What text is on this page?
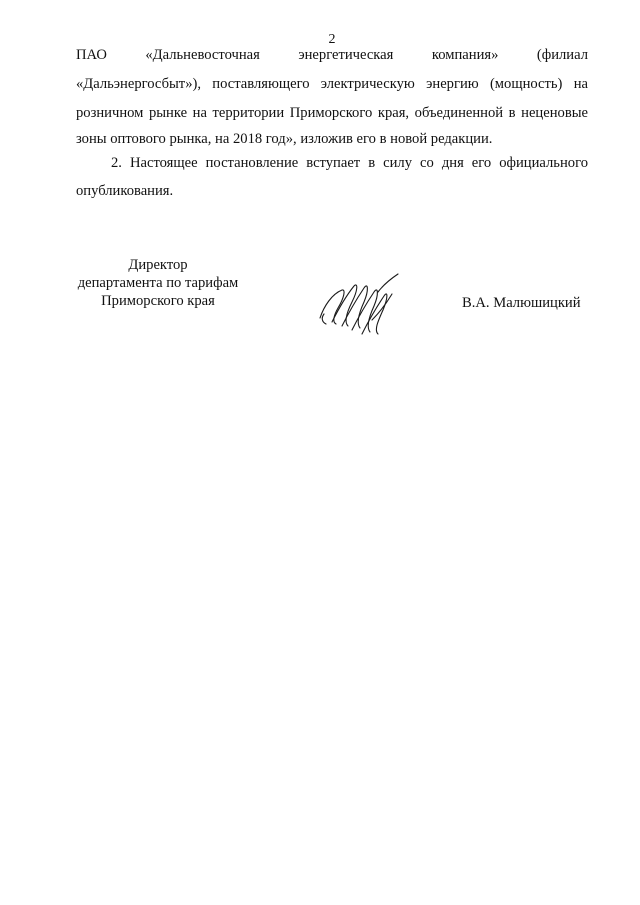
2
ПАО «Дальневосточная энергетическая компания» (филиал
«Дальэнергосбыт»), поставляющего электрическую энергию (мощность) на
розничном рынке на территории Приморского края, объединенной в неценовые
зоны оптового рынка, на 2018 год», изложив его в новой редакции.
2. Настоящее постановление вступает в силу со дня его официального
опубликования.
Директор
департамента по тарифам
Приморского края	В.А. Малюшицкий
